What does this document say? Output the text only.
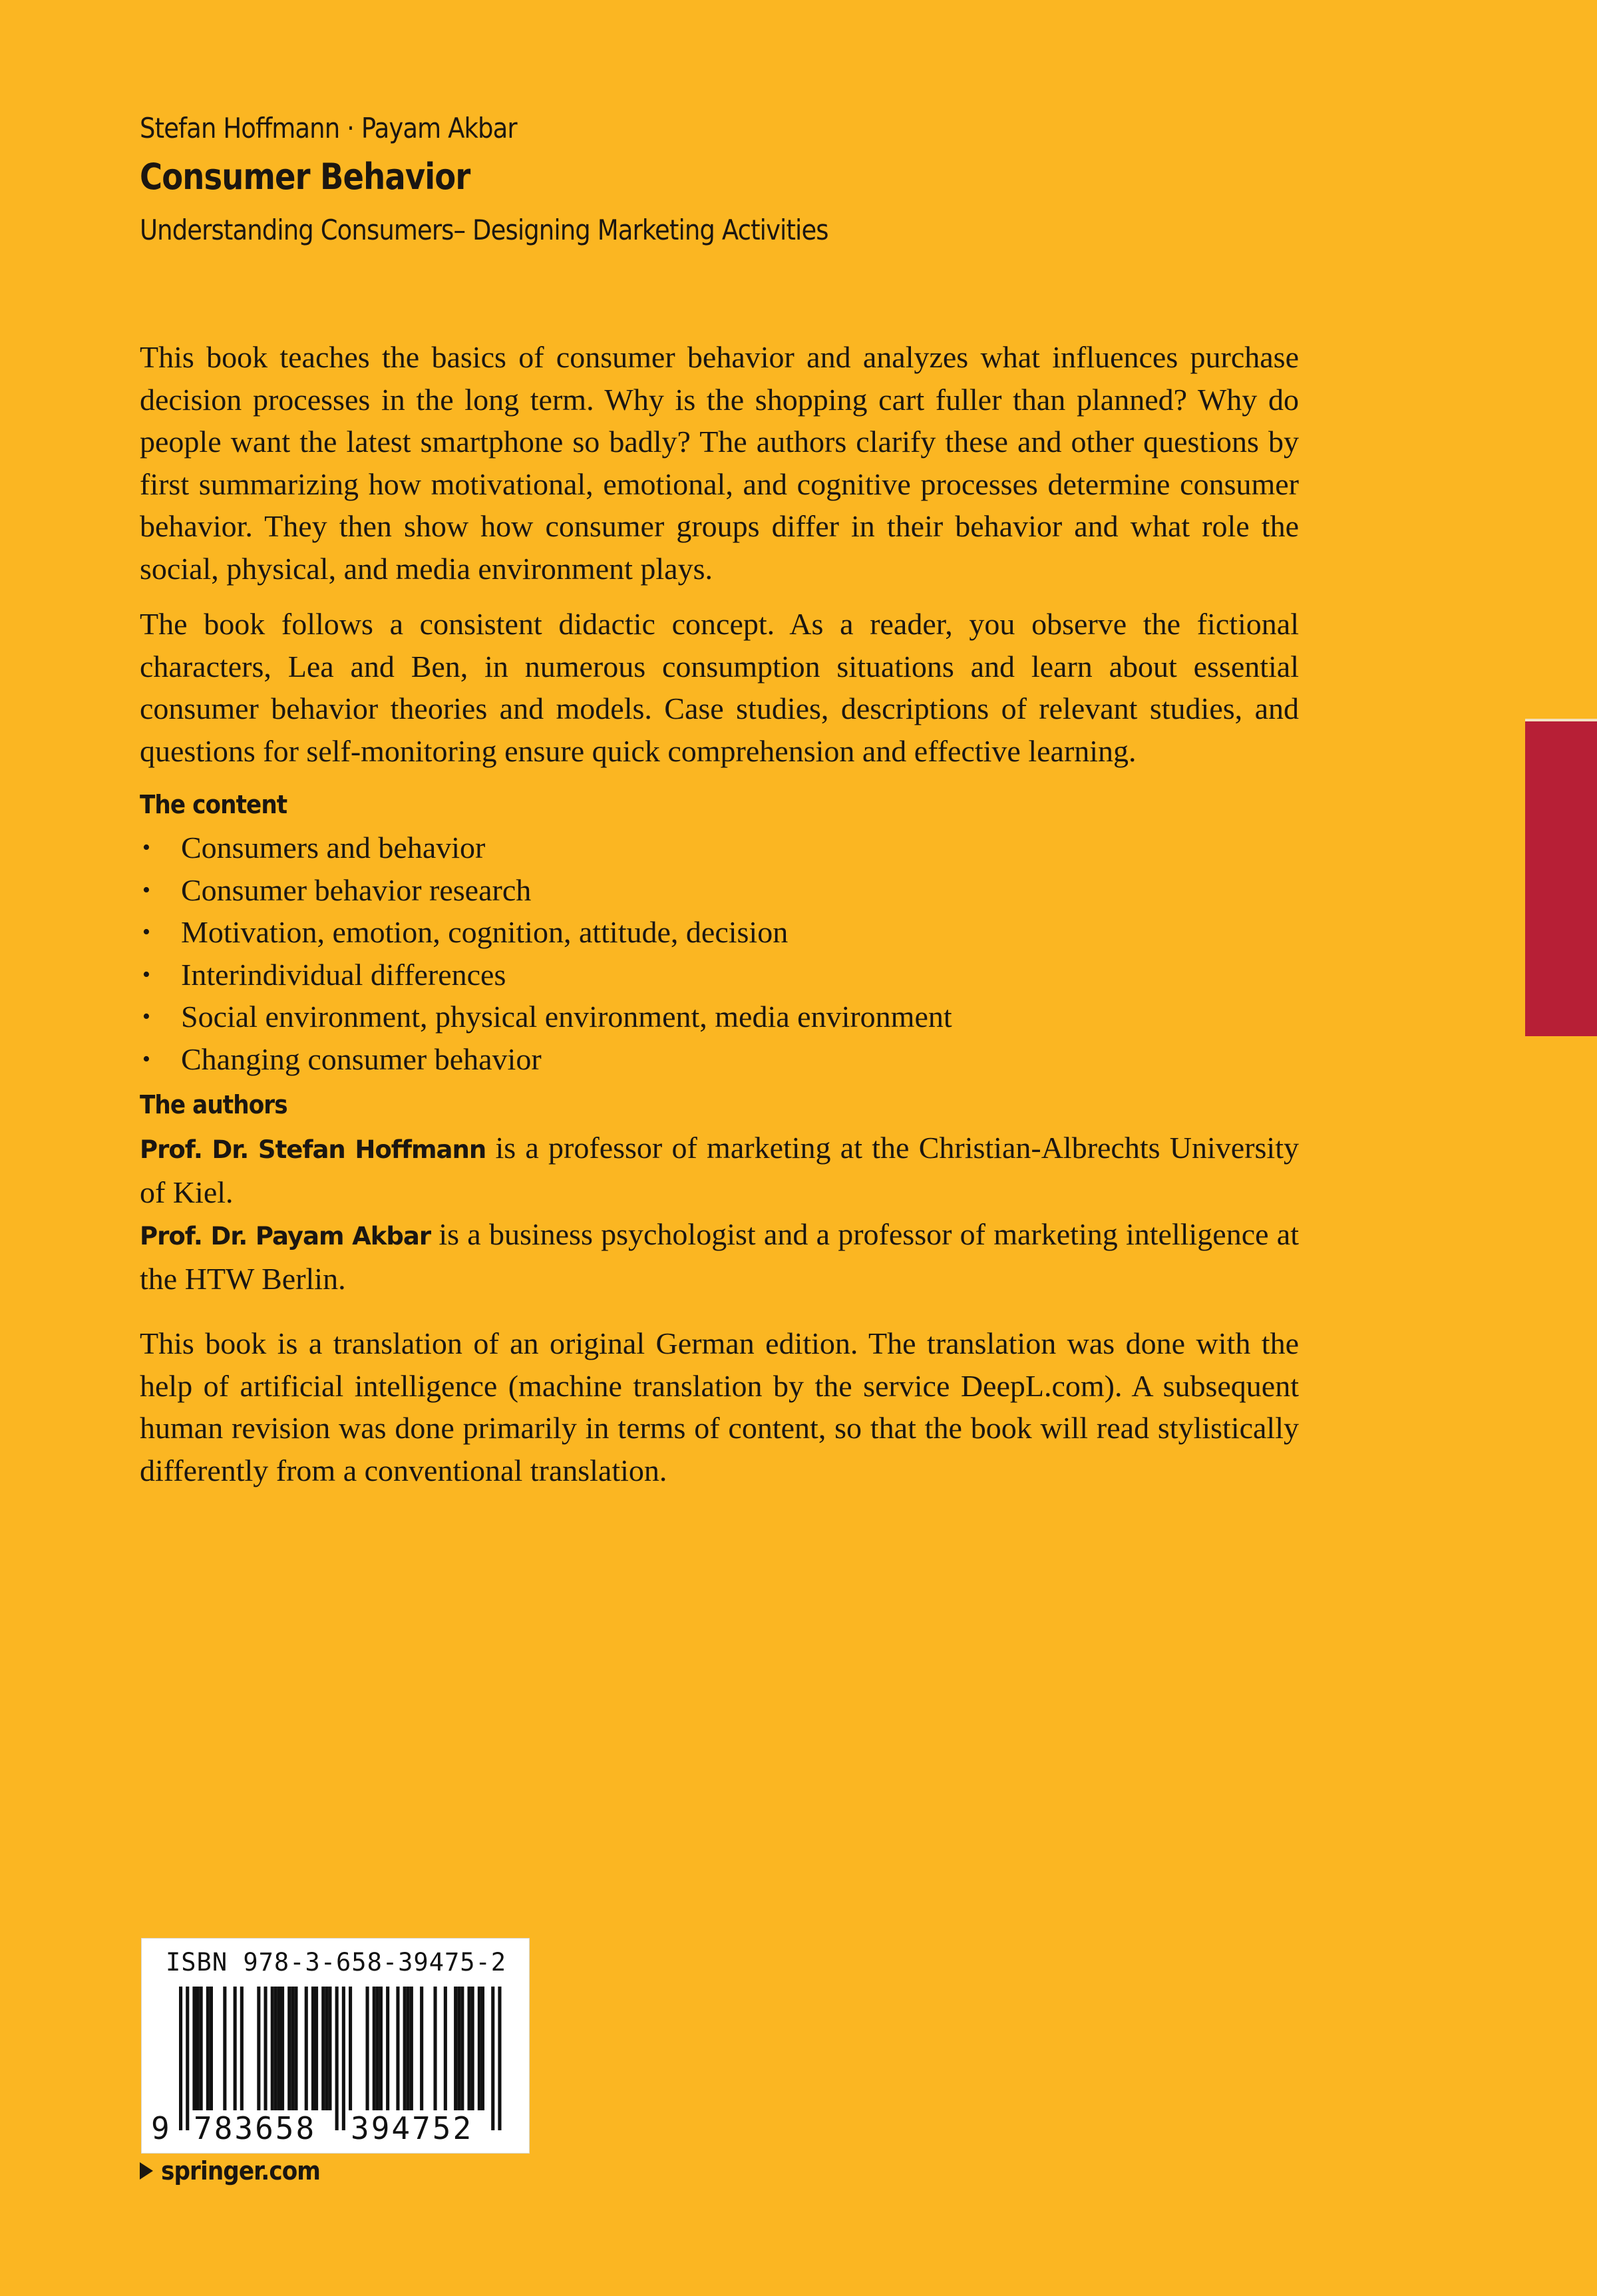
Stefan Hoffmann · Payam Akbar
Consumer Behavior
Understanding Consumers– Designing Marketing Activities

This book teaches the basics of consumer behavior and analyzes what influences purchase decision processes in the long term. Why is the shopping cart fuller than planned? Why do people want the latest smartphone so badly? The authors clarify these and other questions by first summarizing how motivational, emotional, and cognitive processes determine consumer behavior. They then show how consumer groups differ in their behavior and what role the social, physical, and media environment plays.

The book follows a consistent didactic concept. As a reader, you observe the fictional characters, Lea and Ben, in numerous consumption situations and learn about essential consumer behavior theories and models. Case studies, descriptions of relevant studies, and questions for self-monitoring ensure quick comprehension and effective learning.

The content
• Consumers and behavior
• Consumer behavior research
• Motivation, emotion, cognition, attitude, decision
• Interindividual differences
• Social environment, physical environment, media environment
• Changing consumer behavior
The authors

Prof. Dr. Stefan Hoffmann is a professor of marketing at the Christian-Albrechts University of Kiel.

Prof. Dr. Payam Akbar is a business psychologist and a professor of marketing intelligence at the HTW Berlin.

This book is a translation of an original German edition. The translation was done with the help of artificial intelligence (machine translation by the service DeepL.com). A subsequent human revision was done primarily in terms of content, so that the book will read stylistically differently from a conventional translation.

ISBN 978-3-658-39475-2
9 783658 394752
springer.com
